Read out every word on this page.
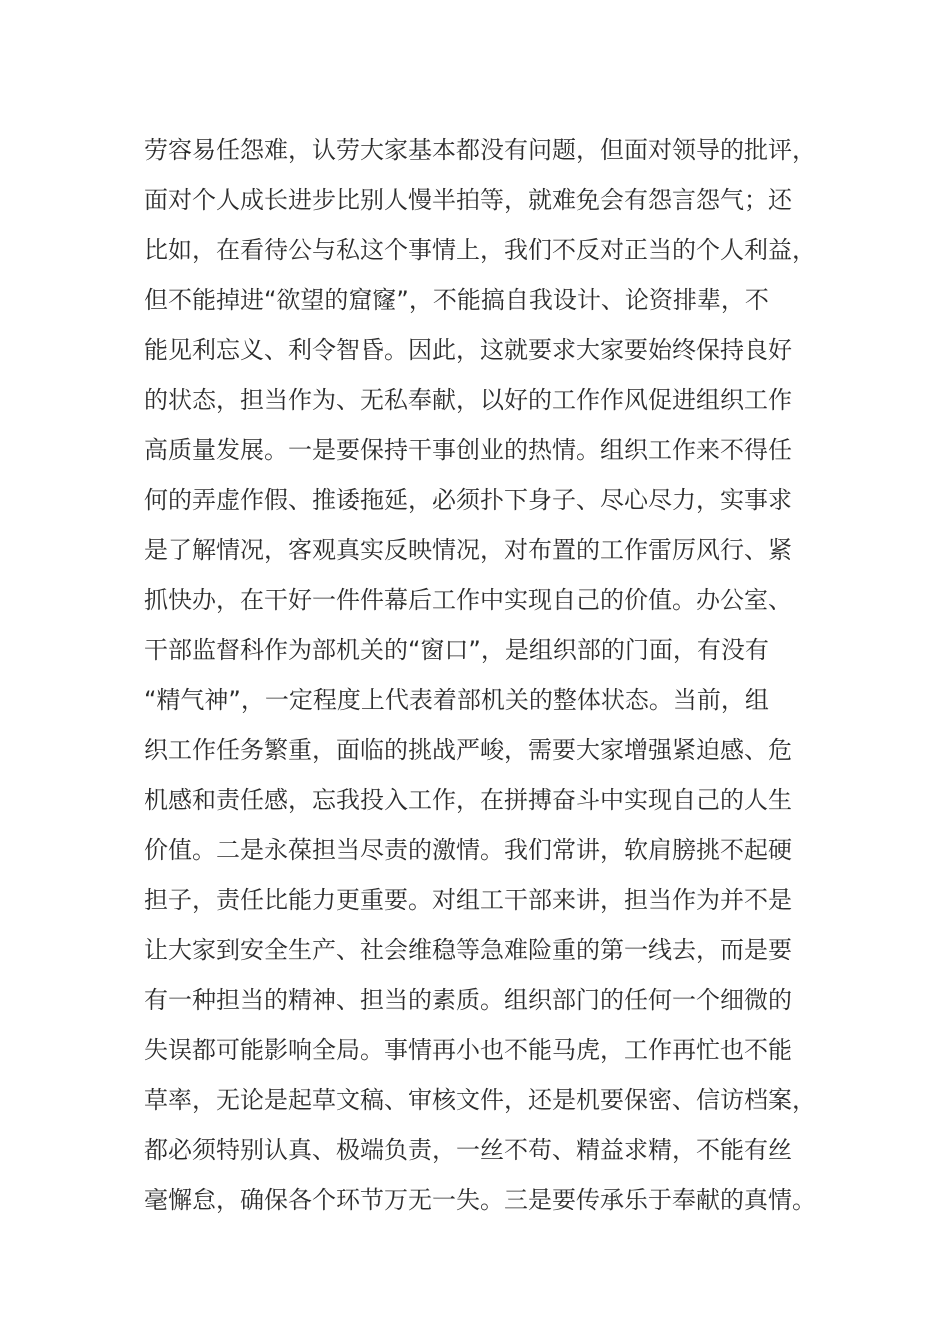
劳容易任怨难，认劳大家基本都没有问题，但面对领导的批评，
面对个人成长进步比别人慢半拍等，就难免会有怨言怨气；还
比如，在看待公与私这个事情上，我们不反对正当的个人利益，
但不能掉进“欲望的窟窿”，不能搞自我设计、论资排辈，不
能见利忘义、利令智昏。因此，这就要求大家要始终保持良好
的状态，担当作为、无私奉献，以好的工作作风促进组织工作
高质量发展。一是要保持干事创业的热情。组织工作来不得任
何的弄虚作假、推诿拖延，必须扑下身子、尽心尽力，实事求
是了解情况，客观真实反映情况，对布置的工作雷厉风行、紧
抓快办，在干好一件件幕后工作中实现自己的价值。办公室、
干部监督科作为部机关的“窗口”，是组织部的门面，有没有
“精气神”，一定程度上代表着部机关的整体状态。当前，组
织工作任务繁重，面临的挑战严峻，需要大家增强紧迫感、危
机感和责任感，忘我投入工作，在拼搏奋斗中实现自己的人生
价值。二是永葆担当尽责的激情。我们常讲，软肩膀挑不起硬
担子，责任比能力更重要。对组工干部来讲，担当作为并不是
让大家到安全生产、社会维稳等急难险重的第一线去，而是要
有一种担当的精神、担当的素质。组织部门的任何一个细微的
失误都可能影响全局。事情再小也不能马虎，工作再忙也不能
草率，无论是起草文稿、审核文件，还是机要保密、信访档案，
都必须特别认真、极端负责，一丝不苟、精益求精，不能有丝
毫懈怠，确保各个环节万无一失。三是要传承乐于奉献的真情。
